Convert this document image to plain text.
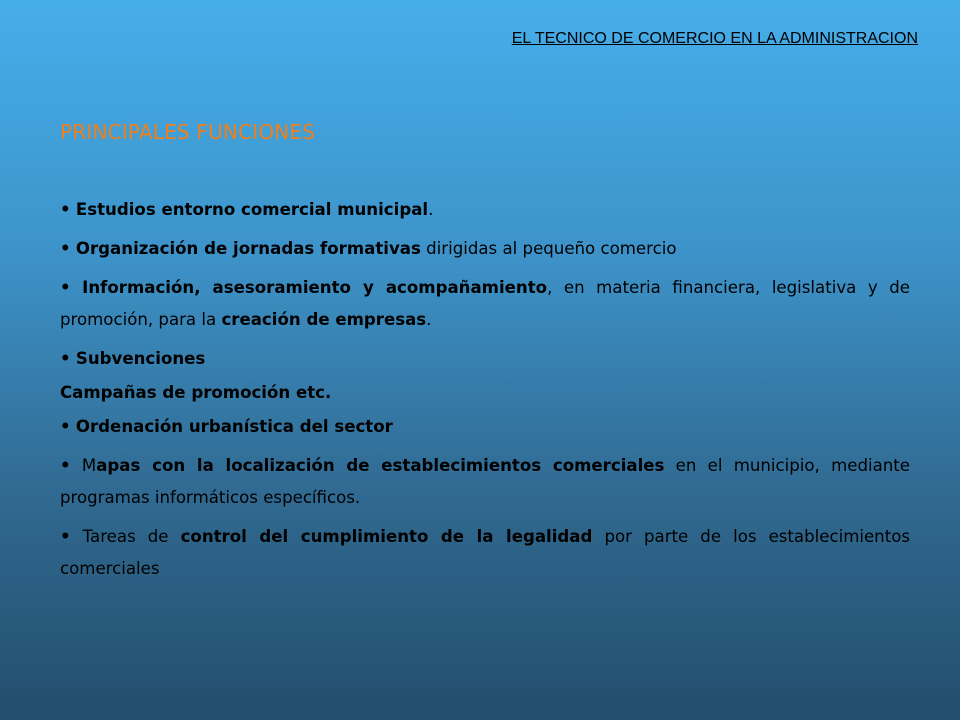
EL TECNICO DE COMERCIO EN LA ADMINISTRACION
PRINCIPALES FUNCIONES

• Estudios entorno comercial municipal.

• Organización de jornadas formativas dirigidas al pequeño comercio

• Información, asesoramiento y acompañamiento, en materia financiera, legislativa y de promoción, para la creación de empresas.

• Subvenciones

Campañas de promoción etc.

• Ordenación urbanística del sector

• Mapas con la localización de establecimientos comerciales en el municipio, mediante programas informáticos específicos.

• Tareas de control del cumplimiento de la legalidad por parte de los establecimientos comerciales
